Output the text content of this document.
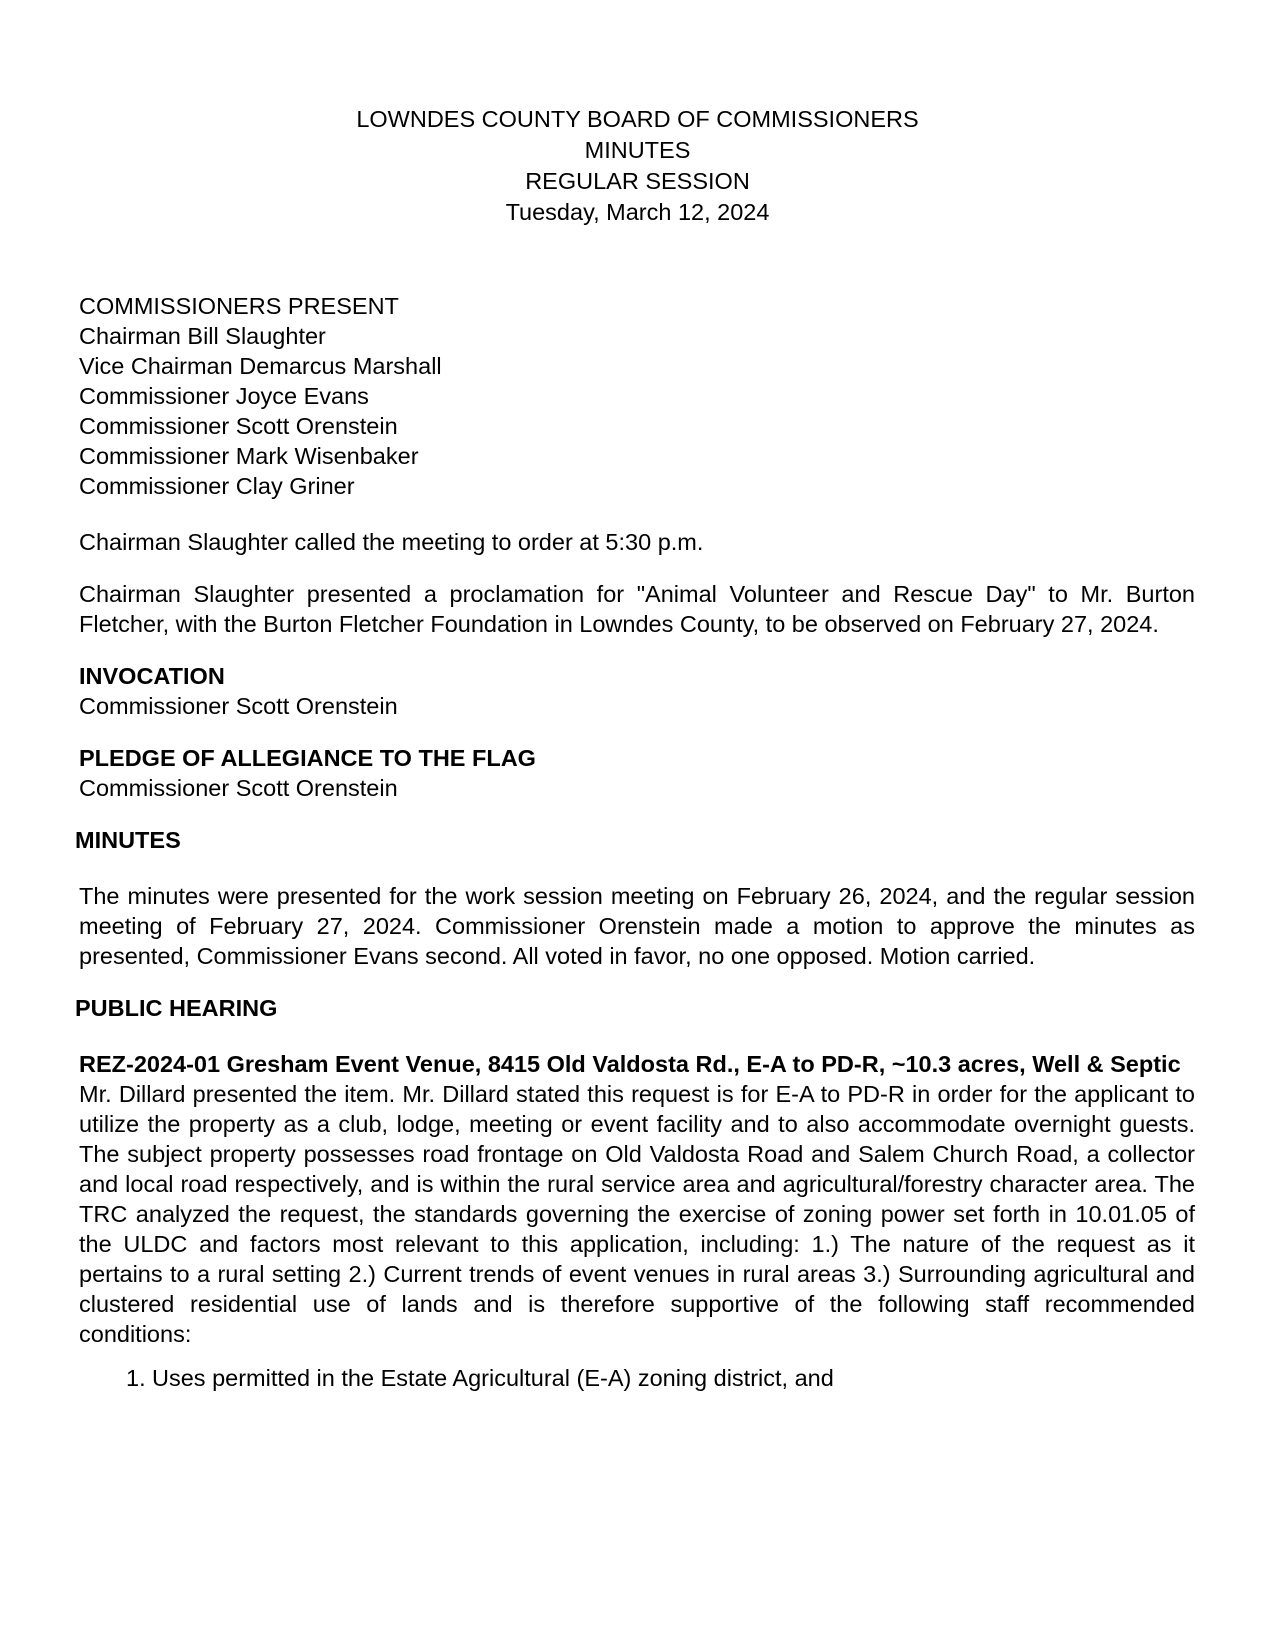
LOWNDES COUNTY BOARD OF COMMISSIONERS
MINUTES
REGULAR SESSION
Tuesday, March 12, 2024
COMMISSIONERS PRESENT
Chairman Bill Slaughter
Vice Chairman Demarcus Marshall
Commissioner Joyce Evans
Commissioner Scott Orenstein
Commissioner Mark Wisenbaker
Commissioner Clay Griner

Chairman Slaughter called the meeting to order at 5:30 p.m.

Chairman Slaughter presented a proclamation for "Animal Volunteer and Rescue Day" to Mr. Burton Fletcher, with the Burton Fletcher Foundation in Lowndes County, to be observed on February 27, 2024.

INVOCATION

Commissioner Scott Orenstein

PLEDGE OF ALLEGIANCE TO THE FLAG

Commissioner Scott Orenstein

MINUTES

The minutes were presented for the work session meeting on February 26, 2024, and the regular session meeting of February 27, 2024. Commissioner Orenstein made a motion to approve the minutes as presented, Commissioner Evans second. All voted in favor, no one opposed. Motion carried.

PUBLIC HEARING

REZ-2024-01 Gresham Event Venue, 8415 Old Valdosta Rd., E-A to PD-R, ~10.3 acres, Well & Septic

Mr. Dillard presented the item. Mr. Dillard stated this request is for E-A to PD-R in order for the applicant to utilize the property as a club, lodge, meeting or event facility and to also accommodate overnight guests. The subject property possesses road frontage on Old Valdosta Road and Salem Church Road, a collector and local road respectively, and is within the rural service area and agricultural/forestry character area. The TRC analyzed the request, the standards governing the exercise of zoning power set forth in 10.01.05 of the ULDC and factors most relevant to this application, including: 1.) The nature of the request as it pertains to a rural setting 2.) Current trends of event venues in rural areas 3.) Surrounding agricultural and clustered residential use of lands and is therefore supportive of the following staff recommended conditions:

1. Uses permitted in the Estate Agricultural (E-A) zoning district, and
